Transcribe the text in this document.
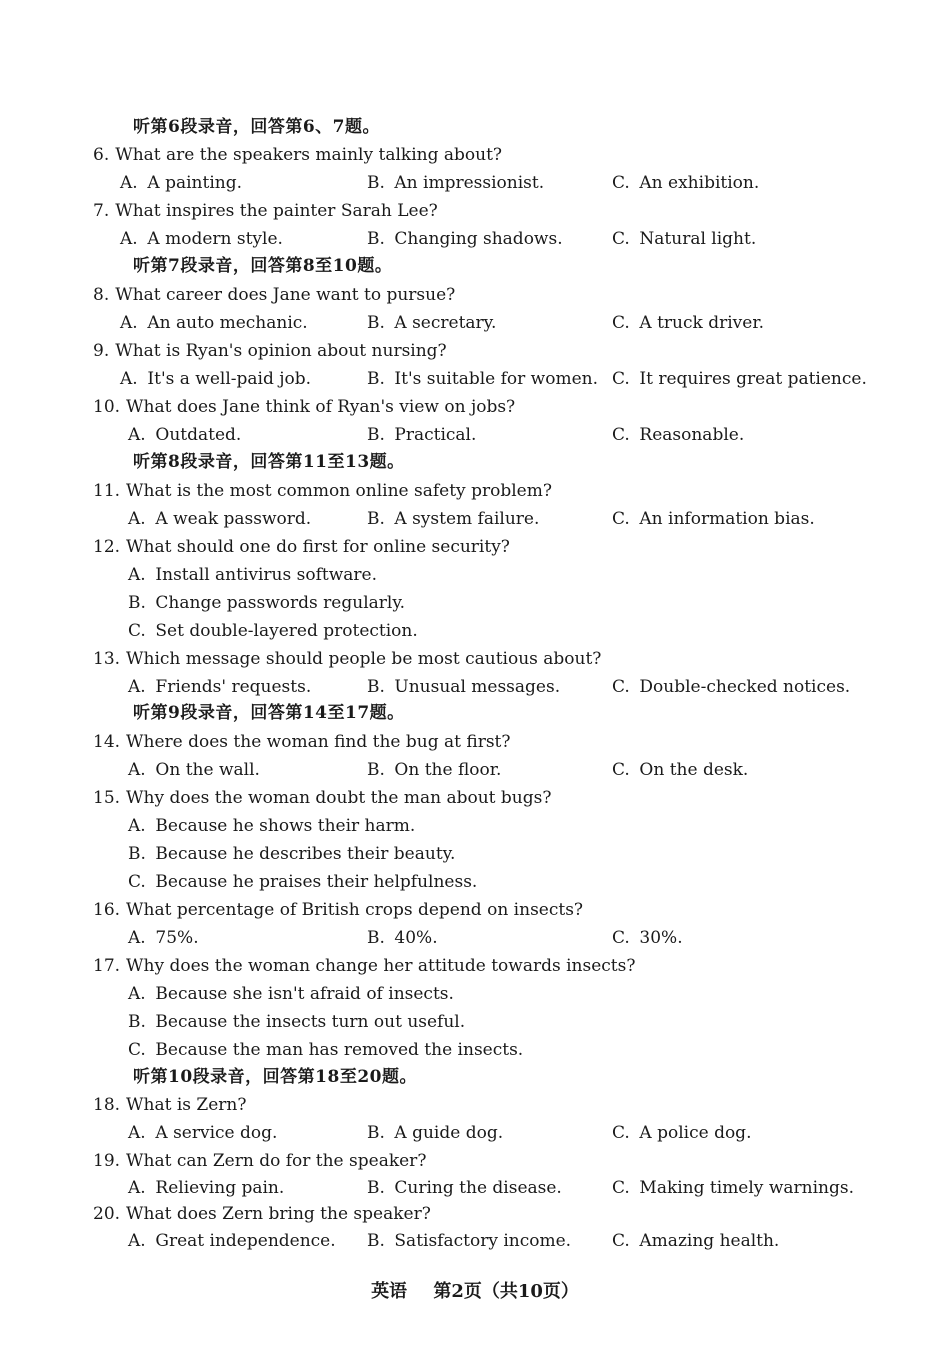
听第6段录音，回答第6、7题。
6. What are the speakers mainly talking about?
A. A painting.	B. An impressionist.	C. An exhibition.
7. What inspires the painter Sarah Lee?
A. A modern style.	B. Changing shadows.	C. Natural light.
听第7段录音，回答第8至10题。
8. What career does Jane want to pursue?
A. An auto mechanic.	B. A secretary.	C. A truck driver.
9. What is Ryan's opinion about nursing?
A. It's a well-paid job.	B. It's suitable for women. C. It requires great patience.
10. What does Jane think of Ryan's view on jobs?
A. Outdated.	B. Practical.	C. Reasonable.
听第8段录音，回答第11至13题。
11. What is the most common online safety problem?
A. A weak password.	B. A system failure.	C. An information bias.
12. What should one do first for online security?
A. Install antivirus software.
B. Change passwords regularly.
C. Set double-layered protection.
13. Which message should people be most cautious about?
A. Friends' requests.	B. Unusual messages.	C. Double-checked notices.
听第9段录音，回答第14至17题。
14. Where does the woman find the bug at first?
A. On the wall.	B. On the floor.	C. On the desk.
15. Why does the woman doubt the man about bugs?
A. Because he shows their harm.
B. Because he describes their beauty.
C. Because he praises their helpfulness.
16. What percentage of British crops depend on insects?
A. 75%.	B. 40%.	C. 30%.
17. Why does the woman change her attitude towards insects?
A. Because she isn't afraid of insects.
B. Because the insects turn out useful.
C. Because the man has removed the insects.
听第10段录音，回答第18至20题。
18. What is Zern?
A. A service dog.	B. A guide dog.	C. A police dog.
19. What can Zern do for the speaker?
A. Relieving pain.	B. Curing the disease.	C. Making timely warnings.
20. What does Zern bring the speaker?
A. Great independence. B. Satisfactory income. C. Amazing health.
英语 第2页（共10页）
